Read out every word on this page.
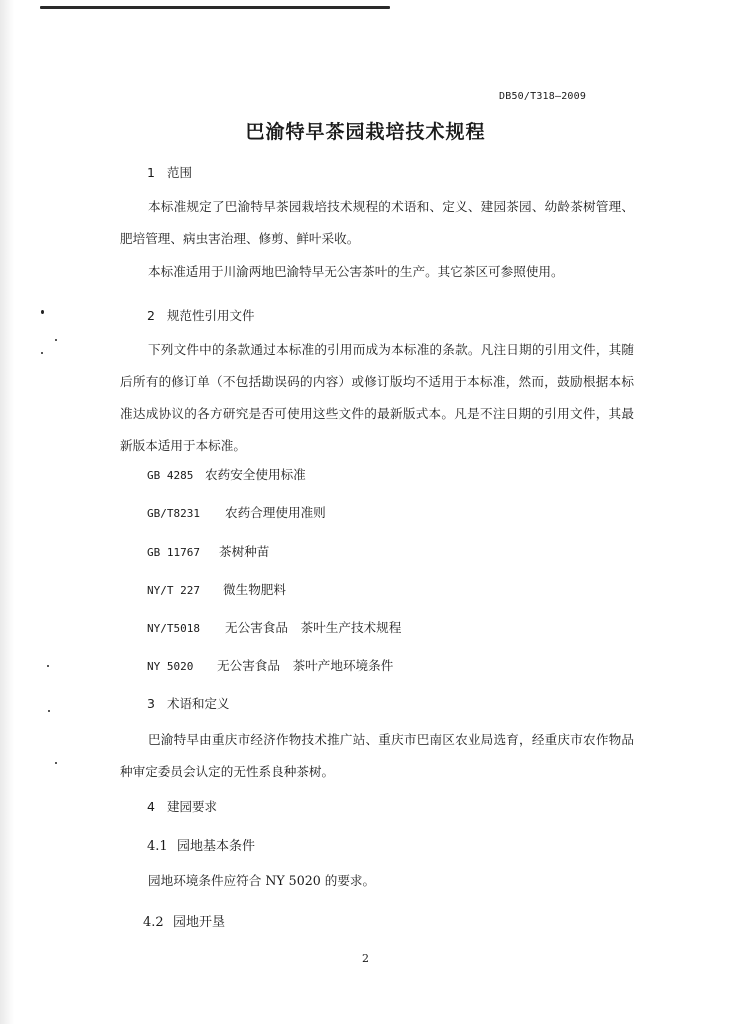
DB50/T318—2009
巴渝特早茶园栽培技术规程
1 范围

本标准规定了巴渝特早茶园栽培技术规程的术语和、定义、建园茶园、幼龄茶树管理、肥培管理、病虫害治理、修剪、鲜叶采收。

本标准适用于川渝两地巴渝特早无公害茶叶的生产。其它茶区可参照使用。

2 规范性引用文件

下列文件中的条款通过本标准的引用而成为本标准的条款。凡注日期的引用文件，其随后所有的修订单（不包括勘误码的内容）或修订版均不适用于本标准，然而，鼓励根据本标准达成协议的各方研究是否可使用这些文件的最新版式本。凡是不注日期的引用文件，其最新版本适用于本标准。

GB 4285 农药安全使用标准
GB/T8231 农药合理使用准则
GB 11767 茶树种苗
NY/T 227 微生物肥料
NY/T5018 无公害食品　茶叶生产技术规程
NY 5020 无公害食品　茶叶产地环境条件
3 术语和定义

巴渝特早由重庆市经济作物技术推广站、重庆市巴南区农业局选育，经重庆市农作物品种审定委员会认定的无性系良种茶树。

4 建园要求
4.1 园地基本条件

园地环境条件应符合 NY 5020 的要求。

4.2 园地开垦
2
